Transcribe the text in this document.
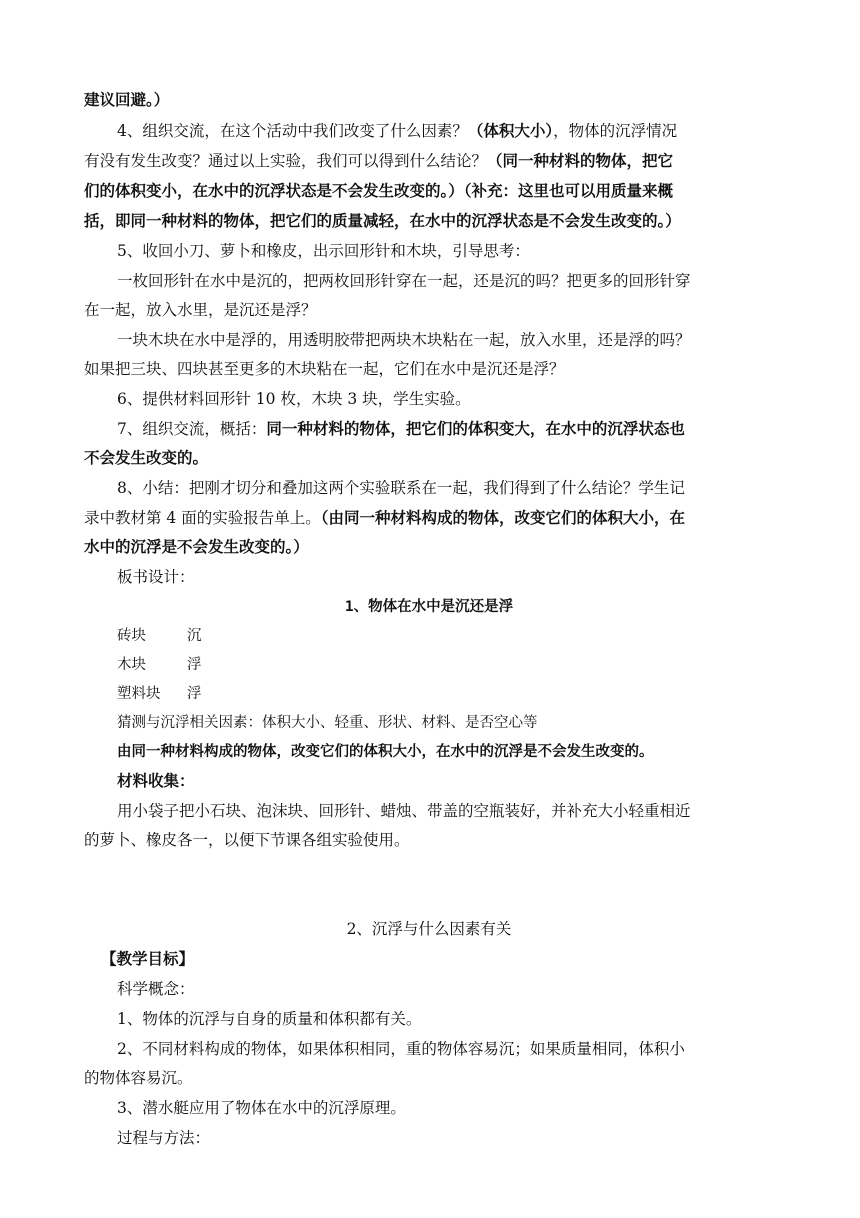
建议回避。）
4、组织交流，在这个活动中我们改变了什么因素？（体积大小），物体的沉浮情况
有没有发生改变？通过以上实验，我们可以得到什么结论？（同一种材料的物体，把它
们的体积变小，在水中的沉浮状态是不会发生改变的。）（补充：这里也可以用质量来概
括，即同一种材料的物体，把它们的质量减轻，在水中的沉浮状态是不会发生改变的。）
5、收回小刀、萝卜和橡皮，出示回形针和木块，引导思考：
一枚回形针在水中是沉的，把两枚回形针穿在一起，还是沉的吗？把更多的回形针穿
在一起，放入水里，是沉还是浮？
一块木块在水中是浮的，用透明胶带把两块木块粘在一起，放入水里，还是浮的吗？
如果把三块、四块甚至更多的木块粘在一起，它们在水中是沉还是浮？
6、提供材料回形针 10 枚，木块 3 块，学生实验。
7、组织交流，概括：同一种材料的物体，把它们的体积变大，在水中的沉浮状态也
不会发生改变的。
8、小结：把刚才切分和叠加这两个实验联系在一起，我们得到了什么结论？学生记
录中教材第 4 面的实验报告单上。（由同一种材料构成的物体，改变它们的体积大小，在
水中的沉浮是不会发生改变的。）
板书设计：
1、物体在水中是沉还是浮
砖块	沉
木块	浮
塑料块 浮
猜测与沉浮相关因素：体积大小、轻重、形状、材料、是否空心等
由同一种材料构成的物体，改变它们的体积大小，在水中的沉浮是不会发生改变的。
材料收集：
用小袋子把小石块、泡沫块、回形针、蜡烛、带盖的空瓶装好，并补充大小轻重相近
的萝卜、橡皮各一，以便下节课各组实验使用。
2、沉浮与什么因素有关
【教学目标】
科学概念：
1、物体的沉浮与自身的质量和体积都有关。
2、不同材料构成的物体，如果体积相同，重的物体容易沉；如果质量相同，体积小
的物体容易沉。
3、潜水艇应用了物体在水中的沉浮原理。
过程与方法：
